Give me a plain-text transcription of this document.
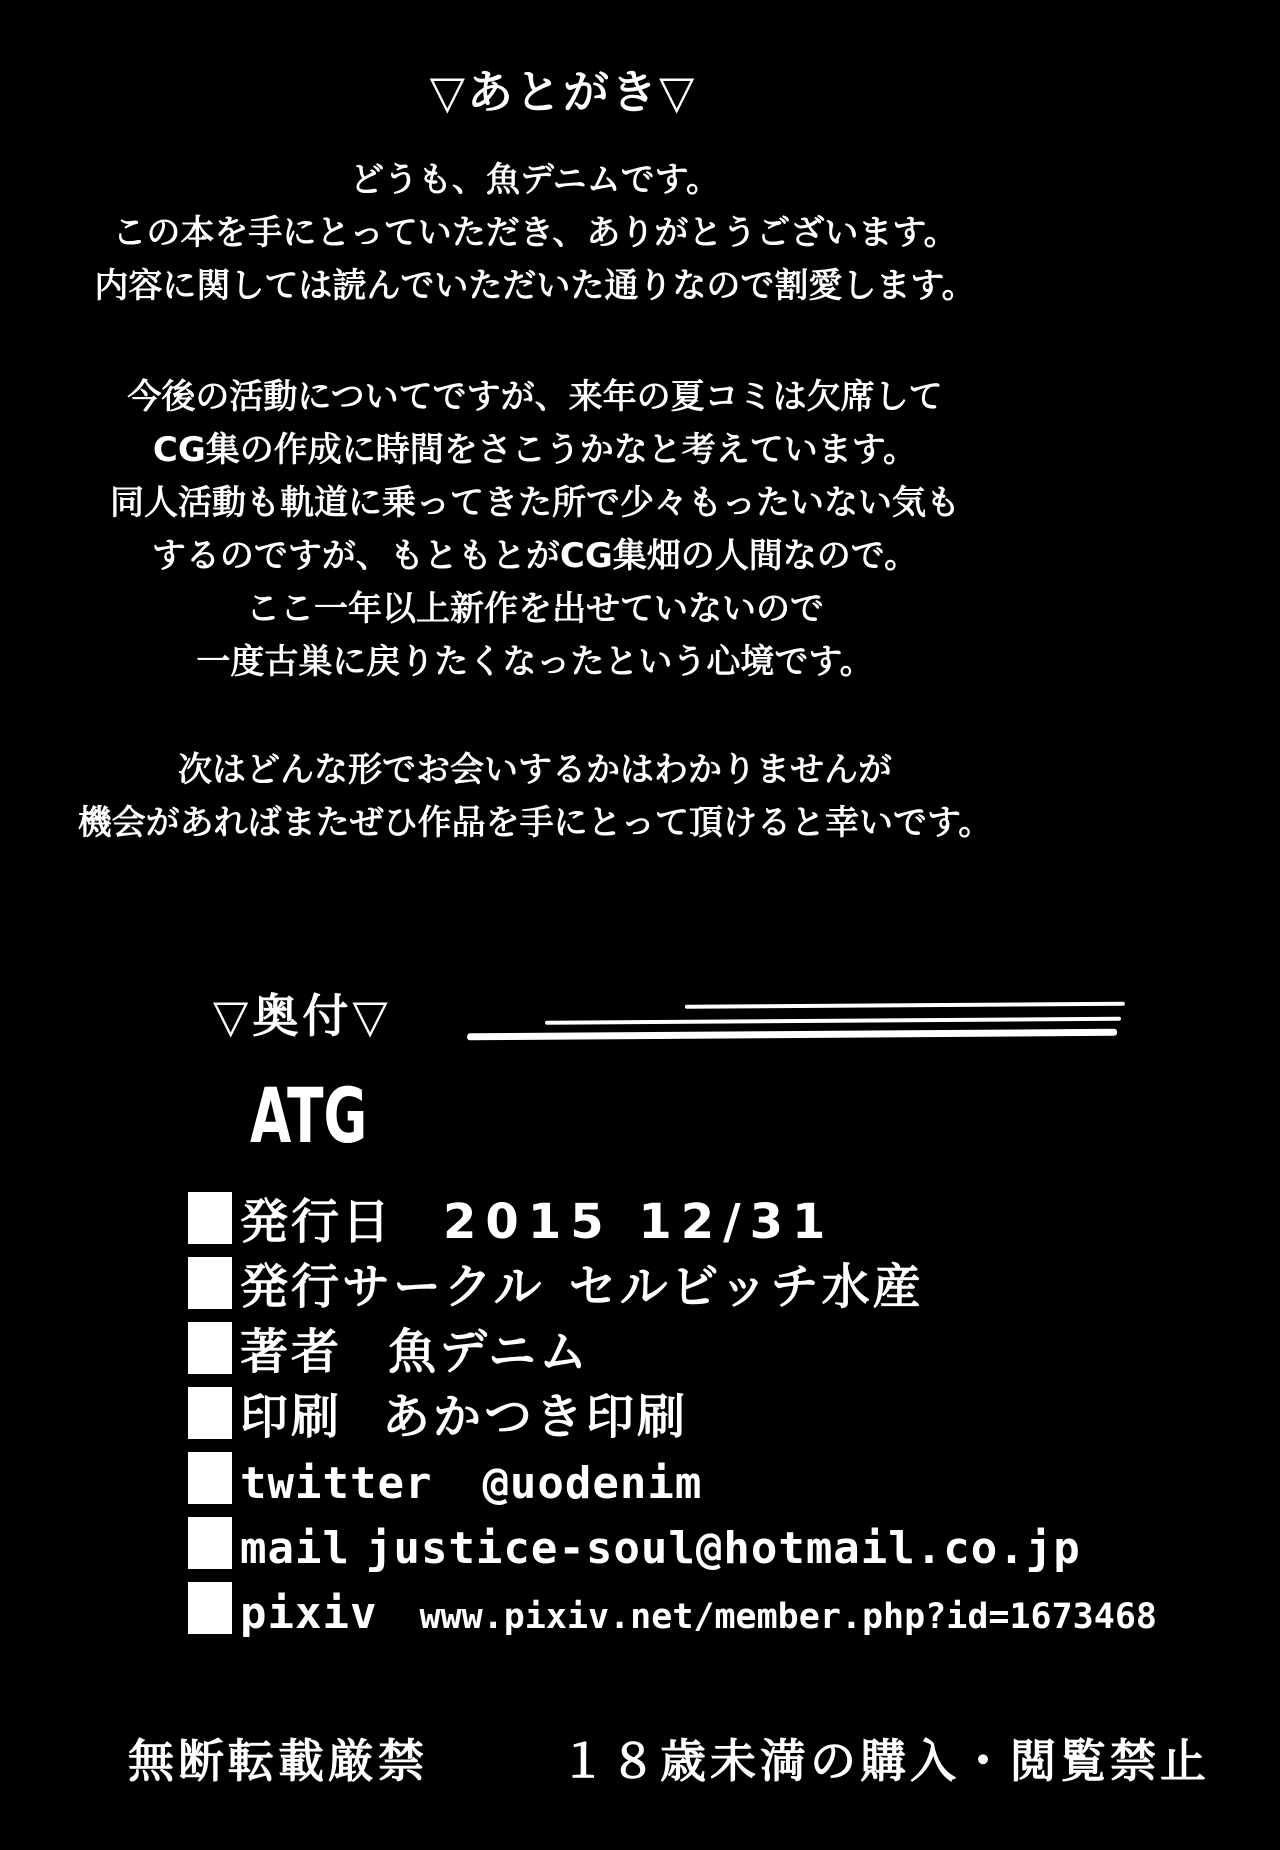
▽あとがき▽
どうも、魚デニムです。
この本を手にとっていただき、ありがとうございます。
内容に関しては読んでいただいた通りなので割愛します。
今後の活動についてですが、来年の夏コミは欠席して
CG集の作成に時間をさこうかなと考えています。
同人活動も軌道に乗ってきた所で少々もったいない気も
するのですが、もともとがCG集畑の人間なので。
ここ一年以上新作を出せていないので
一度古巣に戻りたくなったという心境です。
次はどんな形でお会いするかはわかりませんが
機会があればまたぜひ作品を手にとって頂けると幸いです。
▽奥付▽
ATG
発行日 2015 12/31
発行サークル セルビッチ水産
著者 魚デニム
印刷 あかつき印刷
twitter @uodenim
mail justice-soul@hotmail.co.jp
pixiv www.pixiv.net/member.php?id=1673468
無断転載厳禁	１８歳未満の購入・閲覧禁止
